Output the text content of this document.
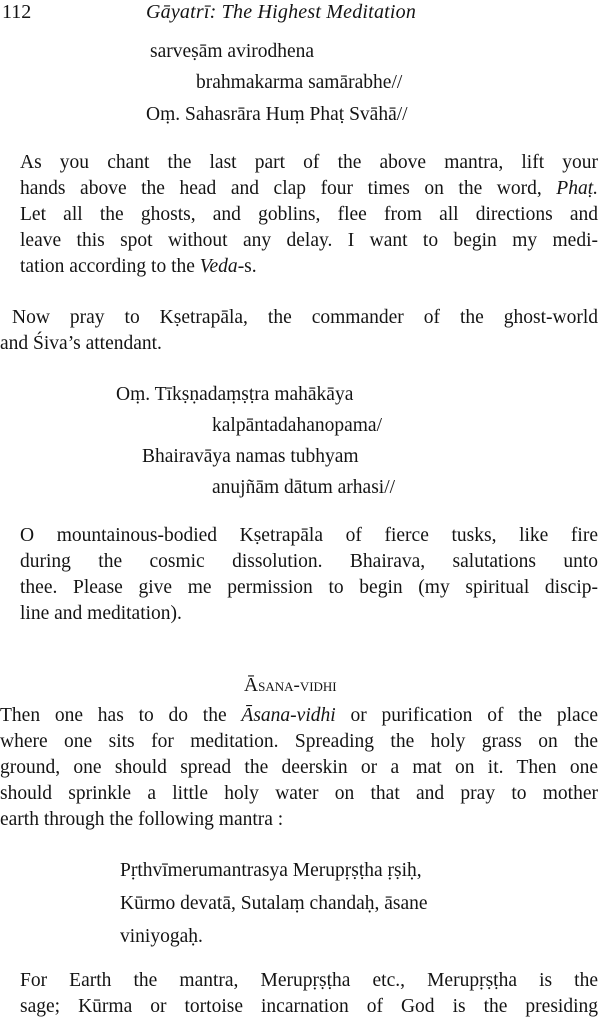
112	Gāyatrī: The Highest Meditation
sarveṣām avirodhena
brahmakarma samārabhe//
Oṃ. Sahasrāra Huṃ Phaṭ Svāhā//
As you chant the last part of the above mantra, lift your
hands above the head and clap four times on the word, Phaṭ.
Let all the ghosts, and goblins, flee from all directions and
leave this spot without any delay. I want to begin my medi-
tation according to the Veda-s.
Now pray to Kṣetrapāla, the commander of the ghost-world
and Śiva’s attendant.
Oṃ. Tīkṣṇadaṃṣṭra mahākāya
kalpāntadahanopama/
Bhairavāya namas tubhyam
anujñām dātum arhasi//
O mountainous-bodied Kṣetrapāla of fierce tusks, like fire
during the cosmic dissolution. Bhairava, salutations unto
thee. Please give me permission to begin (my spiritual discip-
line and meditation).
Āsana-vidhi
Then one has to do the Āsana-vidhi or purification of the place
where one sits for meditation. Spreading the holy grass on the
ground, one should spread the deerskin or a mat on it. Then one
should sprinkle a little holy water on that and pray to mother
earth through the following mantra :
Pṛthvīmerumantrasya Merupṛṣṭha ṛṣiḥ,
Kūrmo devatā, Sutalaṃ chandaḥ, āsane
viniyogaḥ.
For Earth the mantra, Merupṛṣṭha etc., Merupṛṣṭha is the
sage; Kūrma or tortoise incarnation of God is the presiding
